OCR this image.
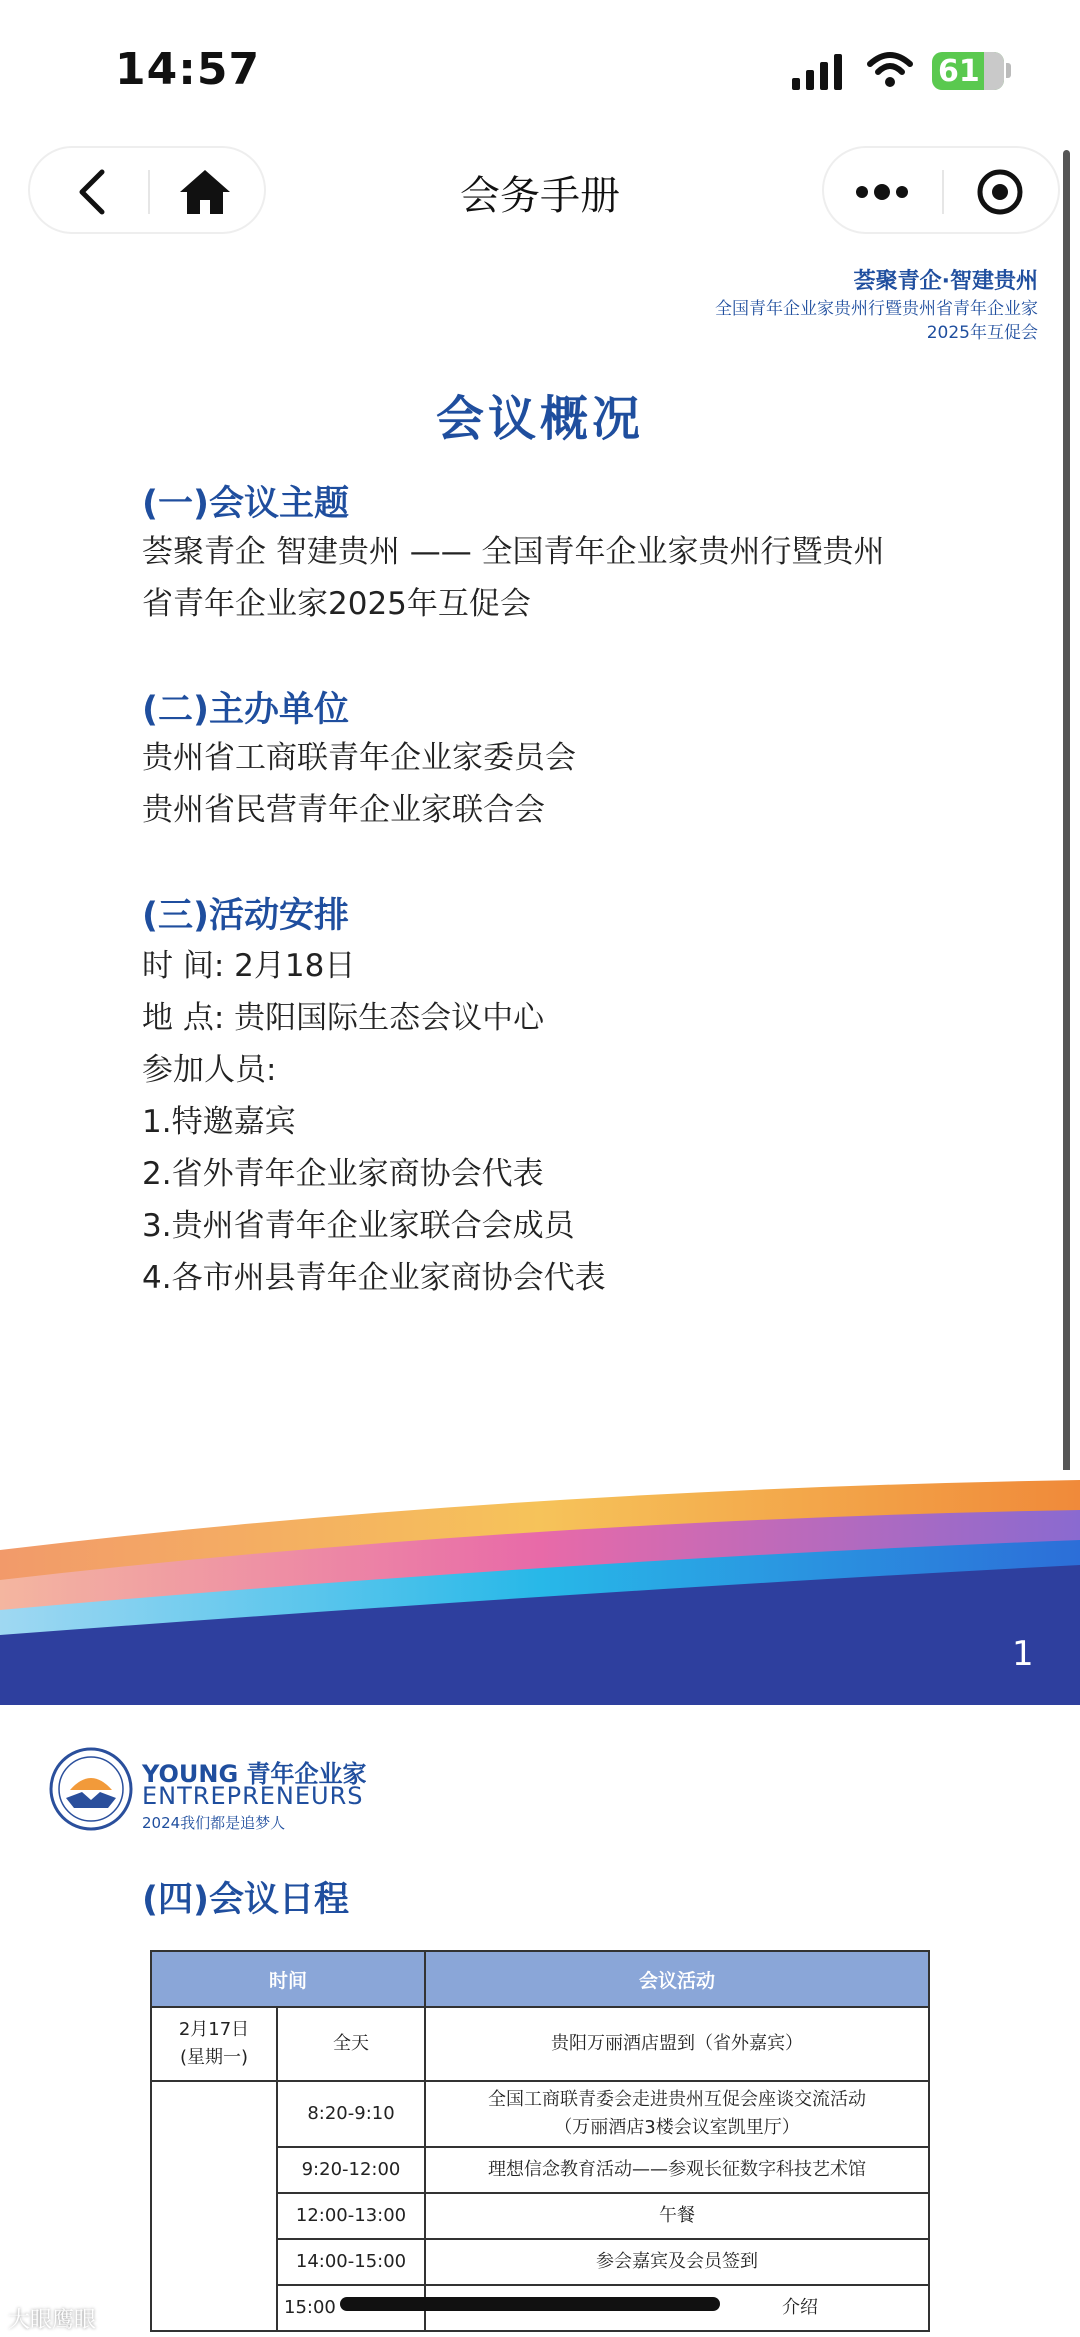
14:57	61
会务手册
荟聚青企·智建贵州
全国青年企业家贵州行暨贵州省青年企业家
2025年互促会
会议概况
(一)会议主题
荟聚青企 智建贵州 —— 全国青年企业家贵州行暨贵州
省青年企业家2025年互促会
(二)主办单位
贵州省工商联青年企业家委员会
贵州省民营青年企业家联合会
(三)活动安排
时 间: 2月18日
地 点: 贵阳国际生态会议中心
参加人员:
1.特邀嘉宾
2.省外青年企业家商协会代表
3.贵州省青年企业家联合会成员
4.各市州县青年企业家商协会代表
1
YOUNG 青年企业家
ENTREPRENEURS
2024我们都是追梦人
(四)会议日程
时间		会议活动

2月17日
(星期一)	全天	贵阳万丽酒店盟到（省外嘉宾）
	8:20-9:10	全国工商联青委会走进贵州互促会座谈交流活动
（万丽酒店3楼会议室凯里厅）

	9:20-12:00	理想信念教育活动——参观长征数字科技艺术馆
	12:00-13:00	午餐
	14:00-15:00	参会嘉宾及会员签到
	15:00	介绍
大眼鹰眼
